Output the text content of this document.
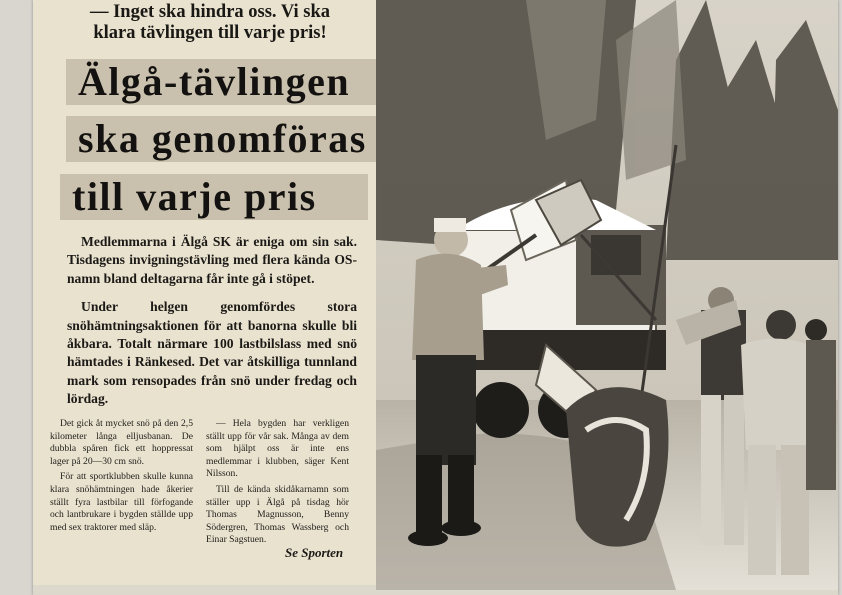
— Inget ska hindra oss. Vi ska
klara tävlingen till varje pris!
Älgå-tävlingen
ska genomföras
till varje pris

Medlemmarna i Älgå SK är eniga om sin sak. Tisdagens invigningstävling med flera kända OS-namn bland deltagarna får inte gå i stöpet.

Under helgen genomfördes stora snöhämtningsaktionen för att banorna skulle bli åkbara. Totalt närmare 100 lastbilslass med snö hämtades i Ränkesed. Det var åtskilliga tunnland mark som rensopades från snö under fredag och lördag.

Det gick åt mycket snö på den 2,5 kilometer långa elljusbanan. De dubbla spåren fick ett hoppressat lager på 20—30 cm snö.

För att sportklubben skulle kunna klara snöhämtningen hade åkerier ställt fyra lastbilar till förfogande och lantbrukare i bygden ställde upp med sex traktorer med släp.

— Hela bygden har verkligen ställt upp för vår sak. Många av dem som hjälpt oss är inte ens medlemmar i klubben, säger Kent Nilsson.

Till de kända skidåkarnamn som ställer upp i Älgå på tisdag hör Thomas Magnusson, Benny Södergren, Thomas Wassberg och Einar Sagstuen.

Se Sporten
